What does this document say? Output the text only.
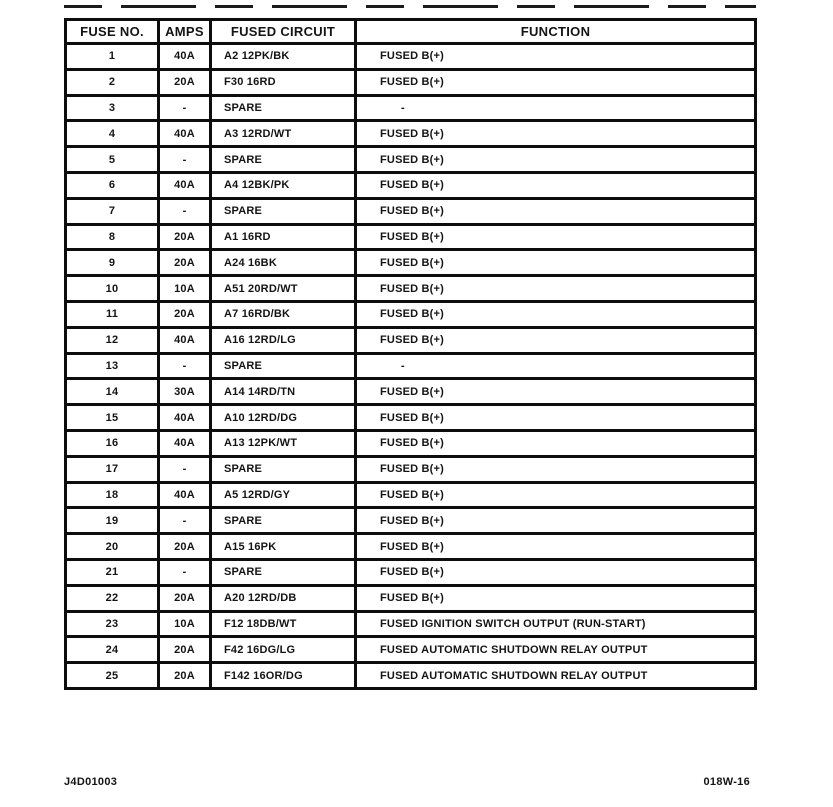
FUSE NO.	AMPS	FUSED CIRCUIT	FUNCTION
1	40A	A2 12PK/BK	FUSED B(+)
2	20A	F30 16RD	FUSED B(+)
3	-	SPARE	-
4	40A	A3 12RD/WT	FUSED B(+)
5	-	SPARE	FUSED B(+)
6	40A	A4 12BK/PK	FUSED B(+)
7	-	SPARE	FUSED B(+)
8	20A	A1 16RD	FUSED B(+)
9	20A	A24 16BK	FUSED B(+)
10	10A	A51 20RD/WT	FUSED B(+)
11	20A	A7 16RD/BK	FUSED B(+)
12	40A	A16 12RD/LG	FUSED B(+)
13	-	SPARE	-
14	30A	A14 14RD/TN	FUSED B(+)
15	40A	A10 12RD/DG	FUSED B(+)
16	40A	A13 12PK/WT	FUSED B(+)
17	-	SPARE	FUSED B(+)
18	40A	A5 12RD/GY	FUSED B(+)
19	-	SPARE	FUSED B(+)
20	20A	A15 16PK	FUSED B(+)
21	-	SPARE	FUSED B(+)
22	20A	A20 12RD/DB	FUSED B(+)
23	10A	F12 18DB/WT	FUSED IGNITION SWITCH OUTPUT (RUN-START)
24	20A	F42 16DG/LG	FUSED AUTOMATIC SHUTDOWN RELAY OUTPUT
25	20A	F142 16OR/DG	FUSED AUTOMATIC SHUTDOWN RELAY OUTPUT
J4D01003	018W-16
